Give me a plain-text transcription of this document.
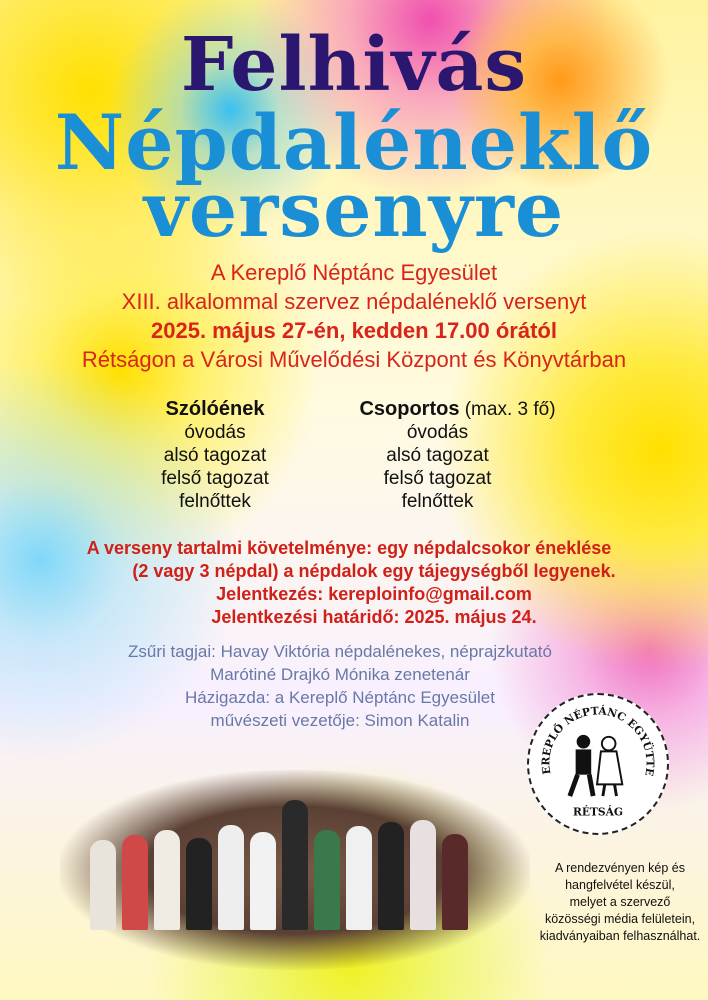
Felhivás
Népdaléneklő
versenyre
A Kereplő Néptánc Egyesület
XIII. alkalommal szervez népdaléneklő versenyt
2025. május 27-én, kedden 17.00 órától
Rétságon a Városi Művelődési Központ és Könyvtárban
Szólóének
óvodás
alsó tagozat
felső tagozat
felnőttek
Csoportos (max. 3 fő)
óvodás
alsó tagozat
felső tagozat
felnőttek
A verseny tartalmi követelménye: egy népdalcsokor éneklése
(2 vagy 3 népdal) a népdalok egy tájegységből legyenek.
Jelentkezés: kereploinfo@gmail.com
Jelentkezési határidő: 2025. május 24.
Zsűri tagjai: Havay Viktória népdalénekes, néprajzkutató
Marótiné Drajkó Mónika zenetenár
Házigazda: a Kereplő Néptánc Egyesület
művészeti vezetője: Simon Katalin
EREPLŐ NÉPTÁNC EGYÜTTE
RÉTSÁG
A rendezvényen kép és
hangfelvétel készül,
melyet a szervező
közösségi média felületein,
kiadványaiban felhasználhat.
